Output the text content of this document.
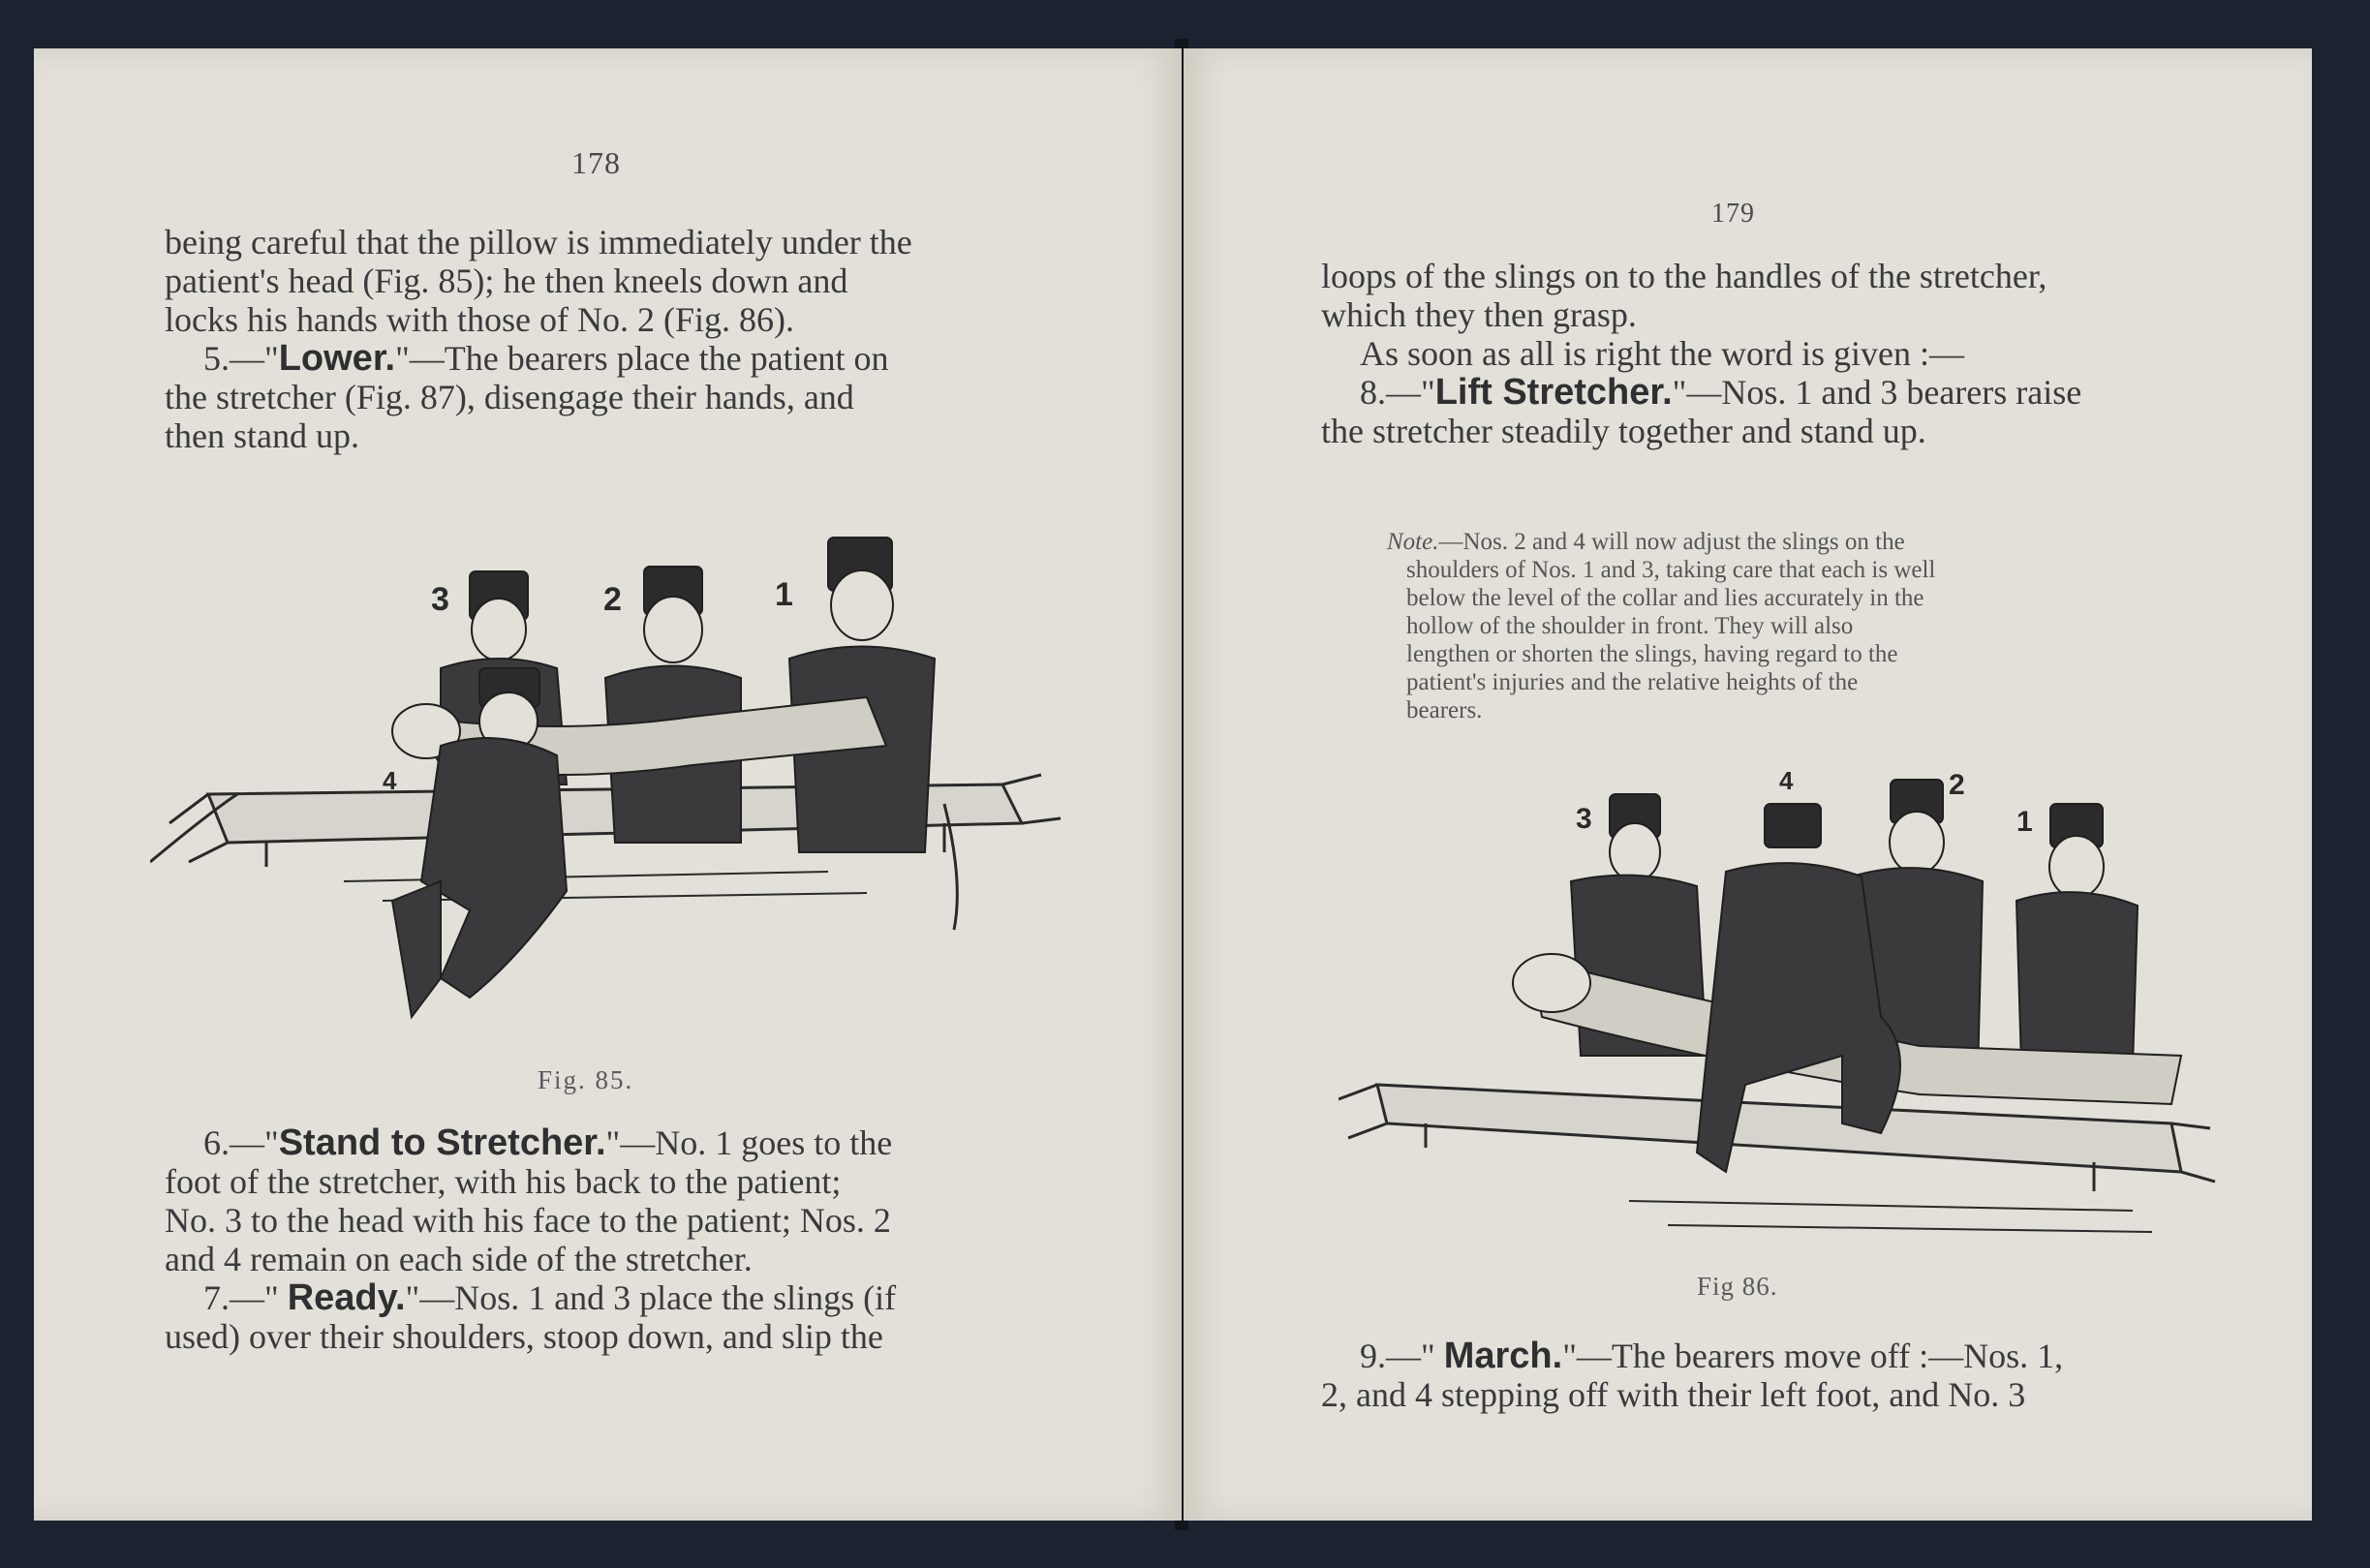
178
being careful that the pillow is immediately under the
patient's head (Fig. 85); he then kneels down and
locks his hands with those of No. 2 (Fig. 86).
5.—"Lower."—The bearers place the patient on
the stretcher (Fig. 87), disengage their hands, and
then stand up.
3	2	1
4
Fig. 85.
6.—"Stand to Stretcher."—No. 1 goes to the
foot of the stretcher, with his back to the patient;
No. 3 to the head with his face to the patient; Nos. 2
and 4 remain on each side of the stretcher.
7.—" Ready."—Nos. 1 and 3 place the slings (if
used) over their shoulders, stoop down, and slip the
179
loops of the slings on to the handles of the stretcher,
which they then grasp.
As soon as all is right the word is given :—
8.—"Lift Stretcher."—Nos. 1 and 3 bearers raise
the stretcher steadily together and stand up.
Note. —Nos. 2 and 4 will now adjust the slings on the
shoulders of Nos. 1 and 3, taking care that each is well
below the level of the collar and lies accurately in the
hollow of the shoulder in front. They will also
lengthen or shorten the slings, having regard to the
patient's injuries and the relative heights of the
bearers.
3
4	2
1
Fig 86.
9.—" March."—The bearers move off :—Nos. 1,
2, and 4 stepping off with their left foot, and No. 3
